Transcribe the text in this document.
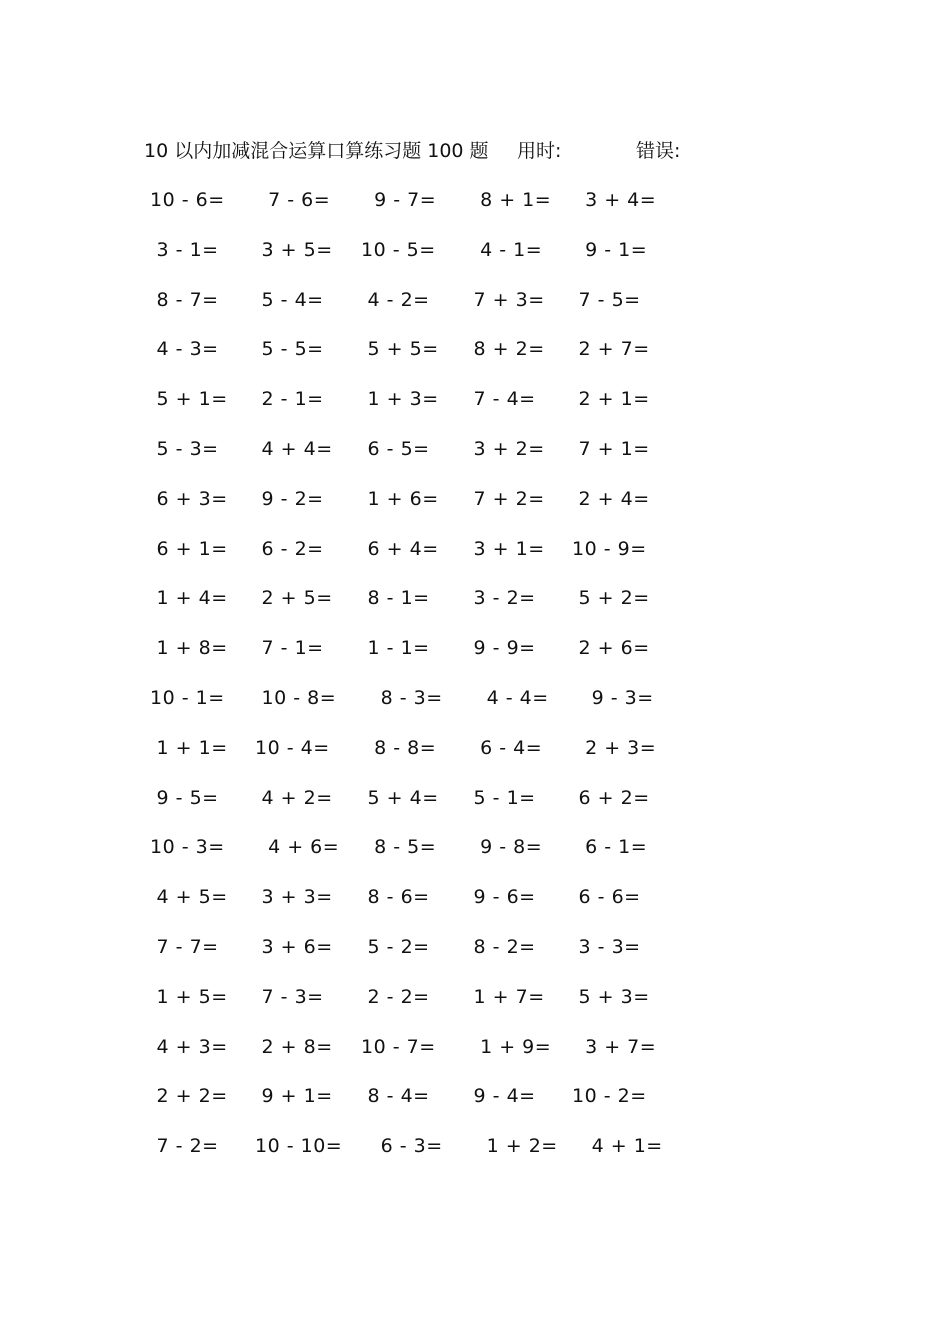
10 以内加减混合运算口算练习题 100 题 用时:	错误:
10 - 6= 7 - 6= 9 - 7= 8 + 1= 3 + 4=
3 - 1= 3 + 5= 10 - 5= 4 - 1= 9 - 1=
8 - 7= 5 - 4= 4 - 2= 7 + 3= 7 - 5=
4 - 3= 5 - 5= 5 + 5= 8 + 2= 2 + 7=
5 + 1= 2 - 1= 1 + 3= 7 - 4= 2 + 1=
5 - 3= 4 + 4= 6 - 5= 3 + 2= 7 + 1=
6 + 3= 9 - 2= 1 + 6= 7 + 2= 2 + 4=
6 + 1= 6 - 2= 6 + 4= 3 + 1= 10 - 9=
1 + 4= 2 + 5= 8 - 1= 3 - 2= 5 + 2=
1 + 8= 7 - 1= 1 - 1= 9 - 9= 2 + 6=
10 - 1= 10 - 8= 8 - 3= 4 - 4= 9 - 3=
1 + 1= 10 - 4= 8 - 8= 6 - 4= 2 + 3=
9 - 5= 4 + 2= 5 + 4= 5 - 1= 6 + 2=
10 - 3= 4 + 6= 8 - 5= 9 - 8= 6 - 1=
4 + 5= 3 + 3= 8 - 6= 9 - 6= 6 - 6=
7 - 7= 3 + 6= 5 - 2= 8 - 2= 3 - 3=
1 + 5= 7 - 3= 2 - 2= 1 + 7= 5 + 3=
4 + 3= 2 + 8= 10 - 7= 1 + 9= 3 + 7=
2 + 2= 9 + 1= 8 - 4= 9 - 4= 10 - 2=
7 - 2= 10 - 10= 6 - 3= 1 + 2= 4 + 1=
